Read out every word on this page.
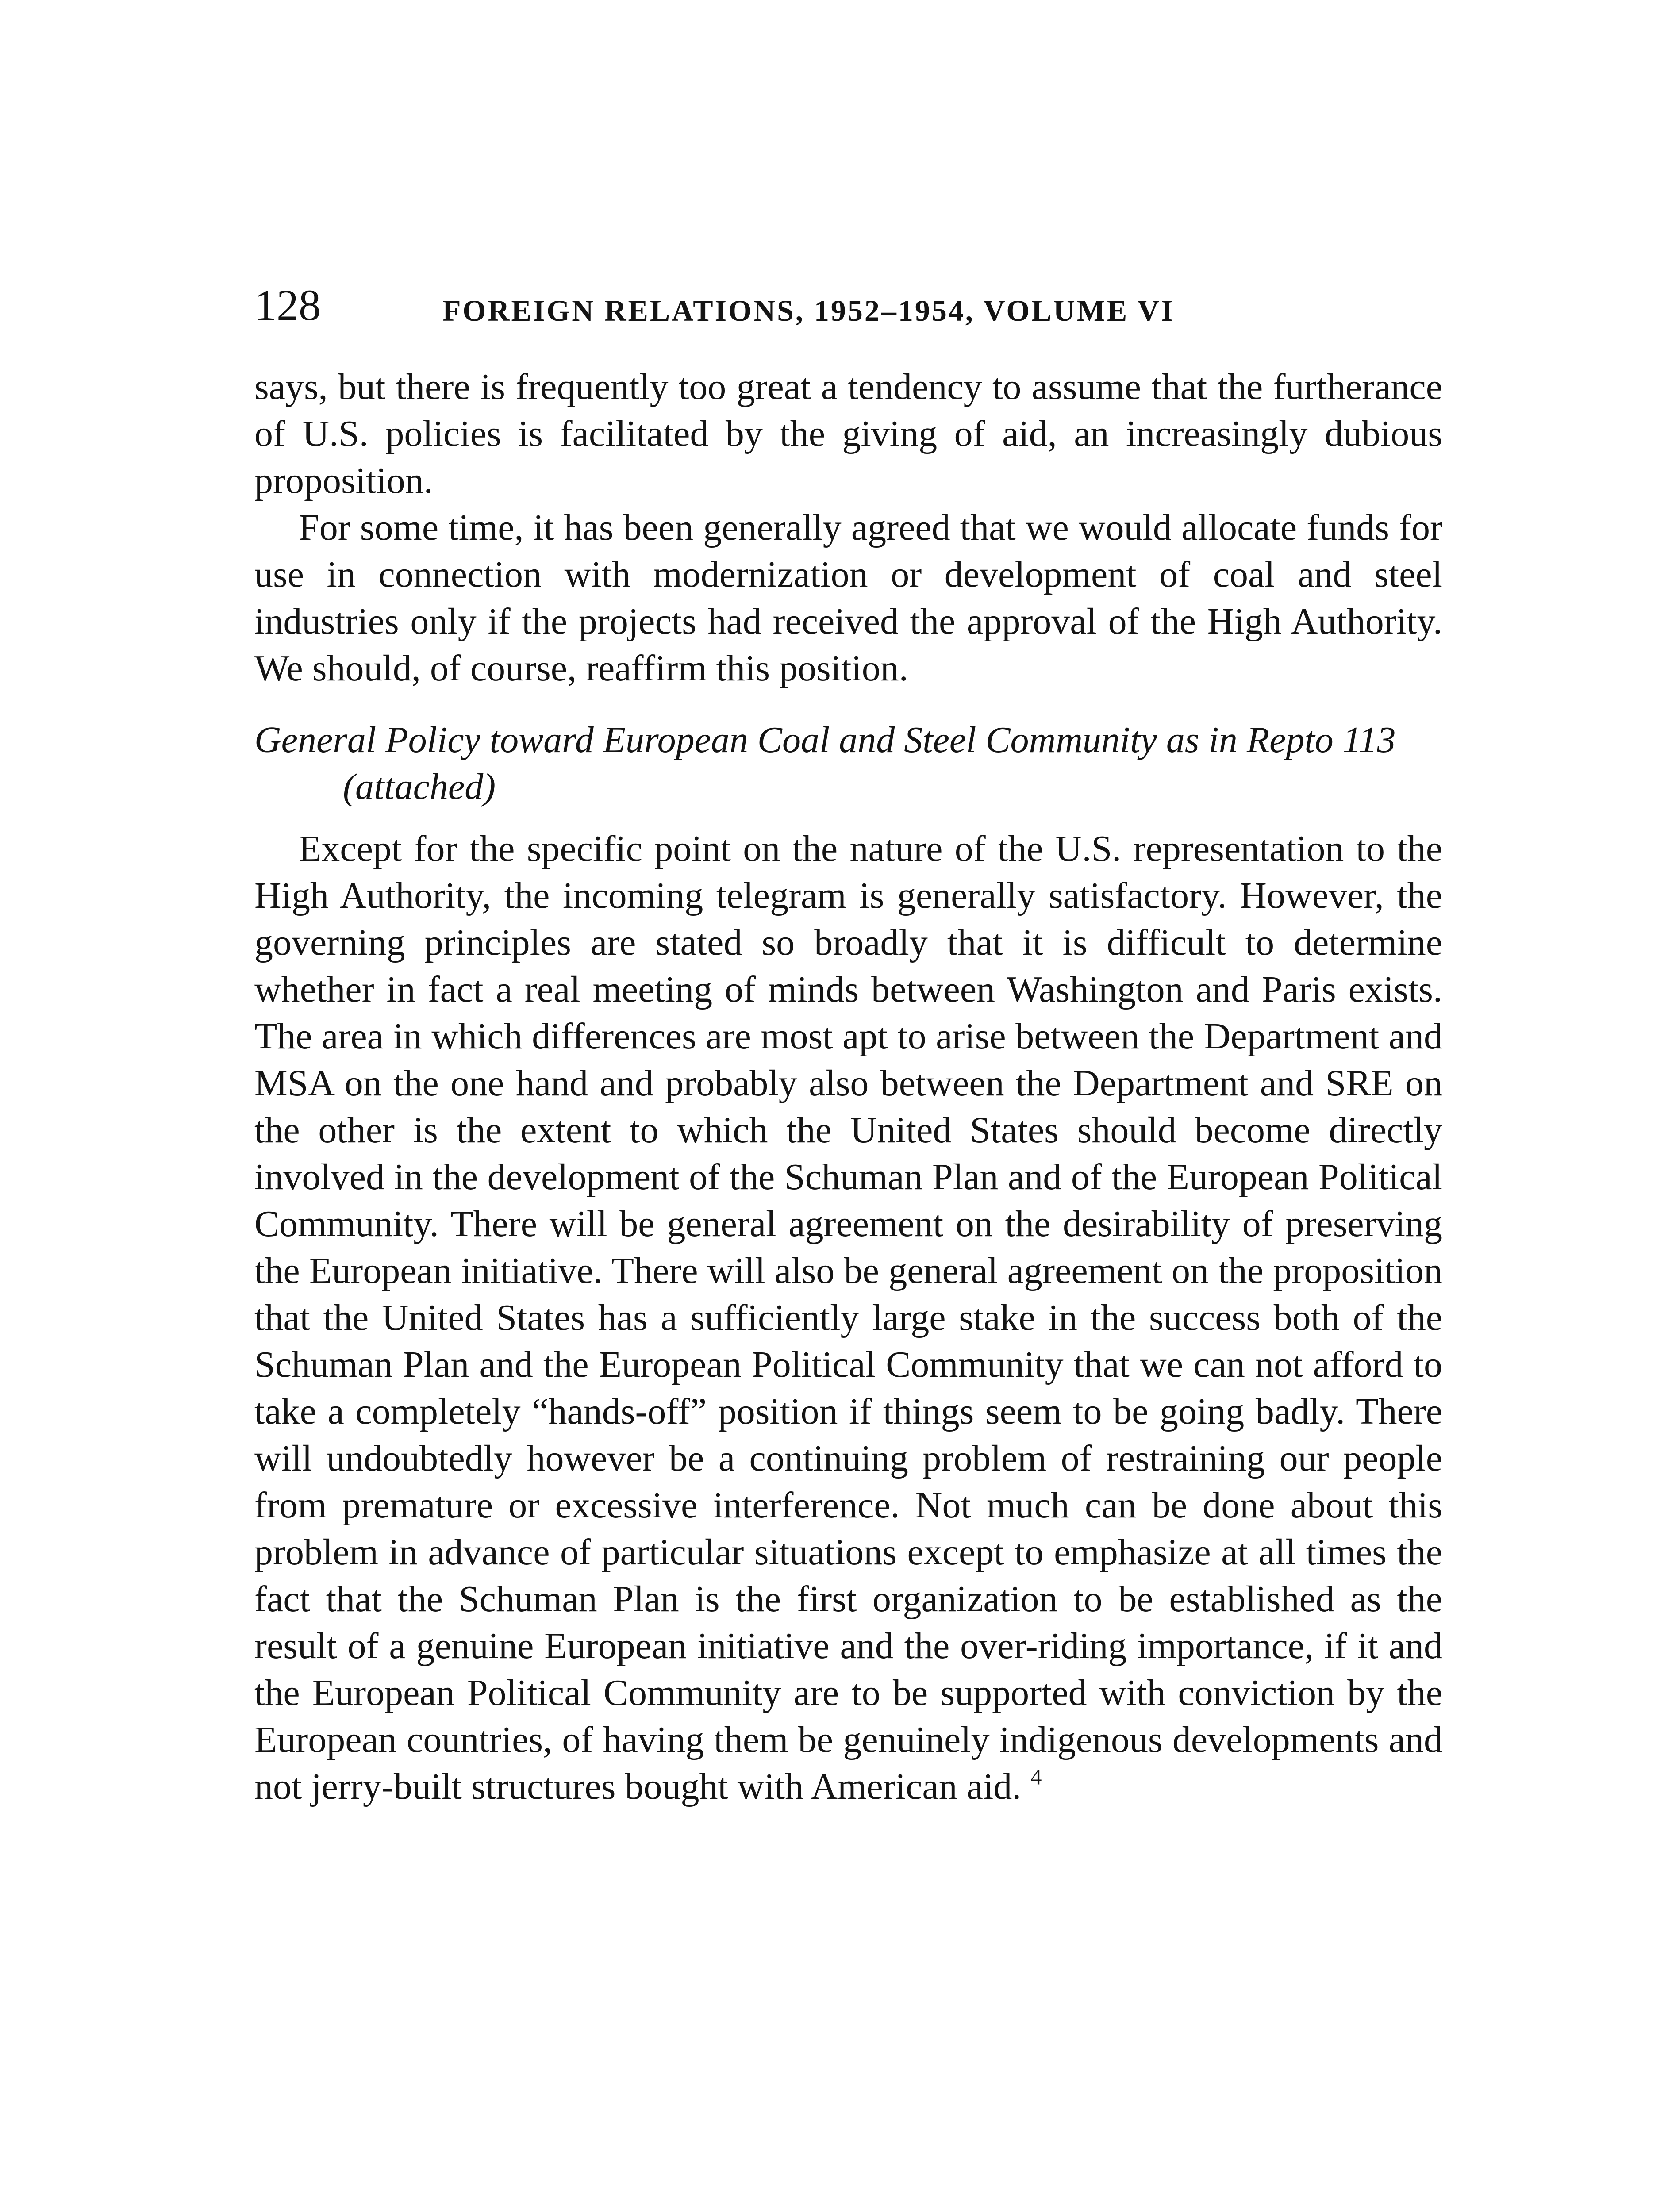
128	FOREIGN RELATIONS, 1952–1954, VOLUME VI

says, but there is frequently too great a tendency to assume that the furtherance of U.S. policies is facilitated by the giving of aid, an increasingly dubious proposition.

For some time, it has been generally agreed that we would allocate funds for use in connection with modernization or development of coal and steel industries only if the projects had received the approval of the High Authority. We should, of course, reaffirm this position.

General Policy toward European Coal and Steel Community as in Repto 113 (attached)

Except for the specific point on the nature of the U.S. representation to the High Authority, the incoming telegram is generally satisfactory. However, the governing principles are stated so broadly that it is difficult to determine whether in fact a real meeting of minds between Washington and Paris exists. The area in which differences are most apt to arise between the Department and MSA on the one hand and probably also between the Department and SRE on the other is the extent to which the United States should become directly involved in the development of the Schuman Plan and of the European Political Community. There will be general agreement on the desirability of preserving the European initiative. There will also be general agreement on the proposition that the United States has a sufficiently large stake in the success both of the Schuman Plan and the European Political Community that we can not afford to take a completely “hands-off” position if things seem to be going badly. There will undoubtedly however be a continuing problem of restraining our people from premature or excessive interference. Not much can be done about this problem in advance of particular situations except to emphasize at all times the fact that the Schuman Plan is the first organization to be established as the result of a genuine European initiative and the over-riding importance, if it and the European Political Community are to be supported with conviction by the European countries, of having them be genuinely indigenous developments and not jerry-built structures bought with American aid. $^4$
